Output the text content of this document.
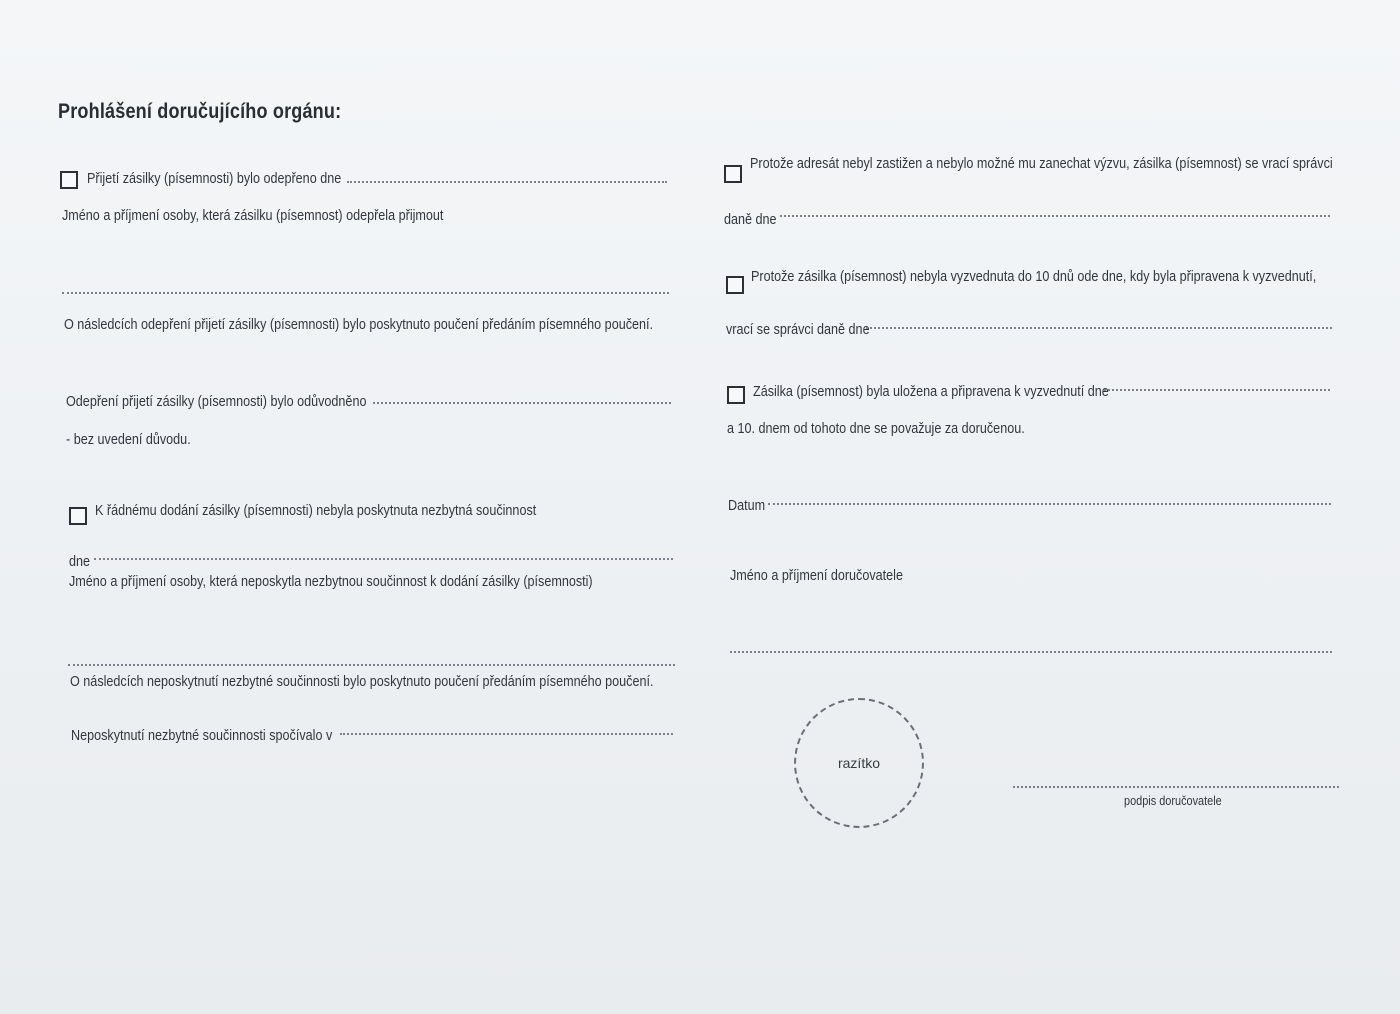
Prohlášení doručujícího orgánu:
Přijetí zásilky (písemnosti) bylo odepřeno dne
Jméno a příjmení osoby, která zásilku (písemnost) odepřela přijmout
O následcích odepření přijetí zásilky (písemnosti) bylo poskytnuto poučení předáním písemného poučení.
Odepření přijetí zásilky (písemnosti) bylo odůvodněno
- bez uvedení důvodu.
K řádnému dodání zásilky (písemnosti) nebyla poskytnuta nezbytná součinnost
dne
Jméno a příjmení osoby, která neposkytla nezbytnou součinnost k dodání zásilky (písemnosti)
O následcích neposkytnutí nezbytné součinnosti bylo poskytnuto poučení předáním písemného poučení.
Neposkytnutí nezbytné součinnosti spočívalo v
Protože adresát nebyl zastižen a nebylo možné mu zanechat výzvu, zásilka (písemnost) se vrací správci
daně dne
Protože zásilka (písemnost) nebyla vyzvednuta do 10 dnů ode dne, kdy byla připravena k vyzvednutí,
vrací se správci daně dne
Zásilka (písemnost) byla uložena a připravena k vyzvednutí dne
a 10. dnem od tohoto dne se považuje za doručenou.
Datum
Jméno a příjmení doručovatele
razítko
podpis doručovatele
